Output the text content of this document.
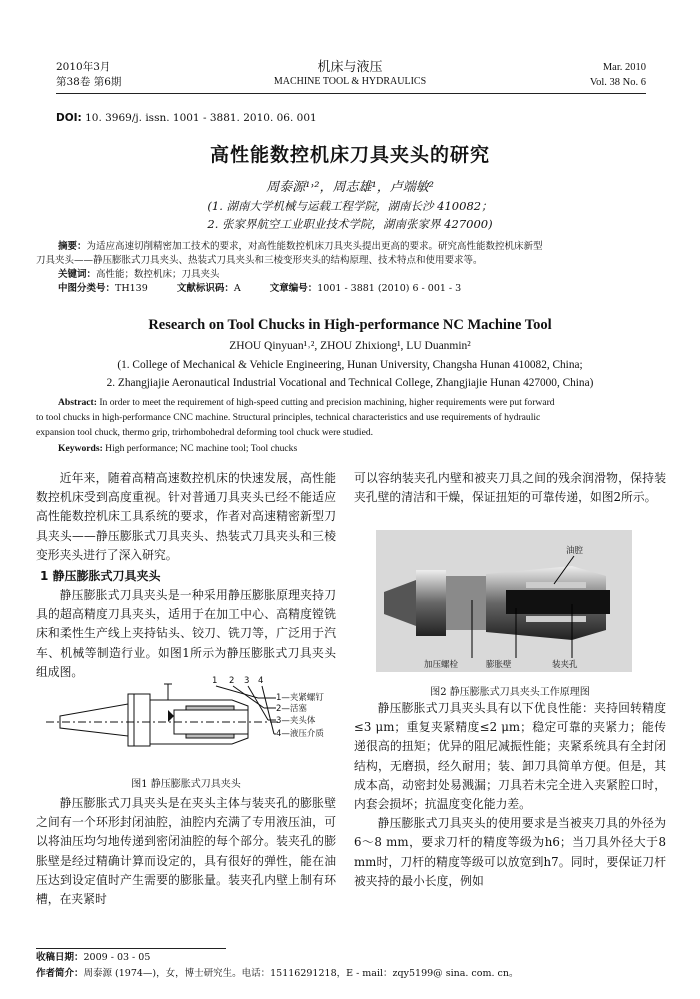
2010年3月
第38卷 第6期
机床与液压
MACHINE TOOL & HYDRAULICS
Mar. 2010
Vol. 38 No. 6
DOI: 10. 3969/j. issn. 1001 - 3881. 2010. 06. 001
高性能数控机床刀具夹头的研究
周泰源¹˒²，周志雄¹，卢端敏²
(1. 湖南大学机械与运载工程学院，湖南长沙 410082；
2. 张家界航空工业职业技术学院，湖南张家界 427000)
摘要：为适应高速切削精密加工技术的要求，对高性能数控机床刀具夹头提出更高的要求。研究高性能数控机床新型
刀具夹头——静压膨胀式刀具夹头、热装式刀具夹头和三棱变形夹头的结构原理、技术特点和使用要求等。
关键词：高性能；数控机床；刀具夹头
中图分类号：TH139	文献标识码：A	文章编号：1001 - 3881 (2010) 6 - 001 - 3
Research on Tool Chucks in High-performance NC Machine Tool
ZHOU Qinyuan¹˒², ZHOU Zhixiong¹, LU Duanmin²
(1. College of Mechanical & Vehicle Engineering, Hunan University, Changsha Hunan 410082, China;
2. Zhangjiajie Aeronautical Industrial Vocational and Technical College, Zhangjiajie Hunan 427000, China)
Abstract: In order to meet the requirement of high-speed cutting and precision machining, higher requirements were put forward
to tool chucks in high-performance CNC machine. Structural principles, technical characteristics and use requirements of hydraulic
expansion tool chuck, thermo grip, trirhombohedral deforming tool chuck were studied.
Keywords: High performance; NC machine tool; Tool chucks

近年来，随着高精高速数控机床的快速发展，高性能数控机床受到高度重视。针对普通刀具夹头已经不能适应高性能数控机床工具系统的要求，作者对高速精密新型刀具夹头——静压膨胀式刀具夹头、热装式刀具夹头和三棱变形夹头进行了深入研究。

1 静压膨胀式刀具夹头

静压膨胀式刀具夹头是一种采用静压膨胀原理夹持刀具的超高精度刀具夹头，适用于在加工中心、高精度镗铣床和柔性生产线上夹持钻头、铰刀、铣刀等，广泛用于汽车、机械等制造行业。如图1所示为静压膨胀式刀具夹头组成图。

1 2 3 4
1—夹紧螺钉
2—活塞
3—夹头体
4—液压介质
图1 静压膨胀式刀具夹头

静压膨胀式刀具夹头是在夹头主体与装夹孔的膨胀壁之间有一个环形封闭油腔，油腔内充满了专用液压油，可以将油压均匀地传递到密闭油腔的每个部分。装夹孔的膨胀壁是经过精确计算而设定的，具有很好的弹性，能在油压达到设定值时产生需要的膨胀量。装夹孔内壁上制有环槽，在夹紧时

可以容纳装夹孔内壁和被夹刀具之间的残余润滑物，保持装夹孔壁的清洁和干燥，保证扭矩的可靠传递，如图2所示。

油腔
加压螺栓	膨胀壁	装夹孔
图2 静压膨胀式刀具夹头工作原理图

静压膨胀式刀具夹头具有以下优良性能：夹持回转精度≤3 μm；重复夹紧精度≤2 μm；稳定可靠的夹紧力；能传递很高的扭矩；优异的阻尼减振性能；夹紧系统具有全封闭结构，无磨损，经久耐用；装、卸刀具简单方便。但是，其成本高，动密封处易溅漏；刀具若未完全进入夹紧腔口时，内套会损坏；抗温度变化能力差。

静压膨胀式刀具夹头的使用要求是当被夹刀具的外径为6～8 mm，要求刀杆的精度等级为h6；当刀具外径大于8 mm时，刀杆的精度等级可以放宽到h7。同时，要保证刀杆被夹持的最小长度，例如

收稿日期：2009 - 03 - 05
作者简介：周泰源 (1974—)，女，博士研究生。电话：15116291218，E - mail：zqy5199@ sina. com. cn。
